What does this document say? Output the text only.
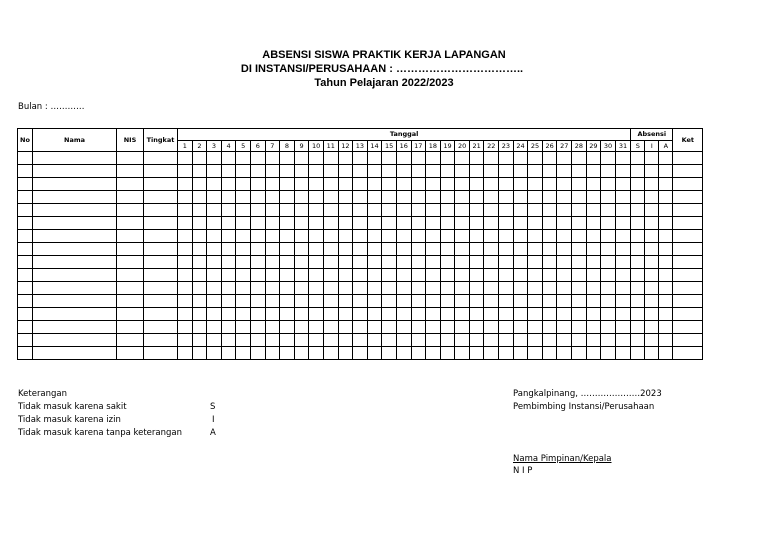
ABSENSI SISWA PRAKTIK KERJA LAPANGAN
DI INSTANSI/PERUSAHAAN : ……………………………..
Tahun Pelajaran 2022/2023
Bulan : …………
No	Nama	NIS	Tingkat	Tanggal																															Absensi			Ket
				1	2	3	4	5	6	7	8	9	10	11	12	13	14	15	16	17	18	19	20	21	22	23	24	25	26	27	28	29	30	31	S	I	A	

Keterangan
Tidak masuk karena sakit	S
Tidak masuk karena izin	I
Tidak masuk karena tanpa keterangan	A
Pangkalpinang, …………………2023
Pembimbing Instansi/Perusahaan
Nama Pimpinan/Kepala
N I P
